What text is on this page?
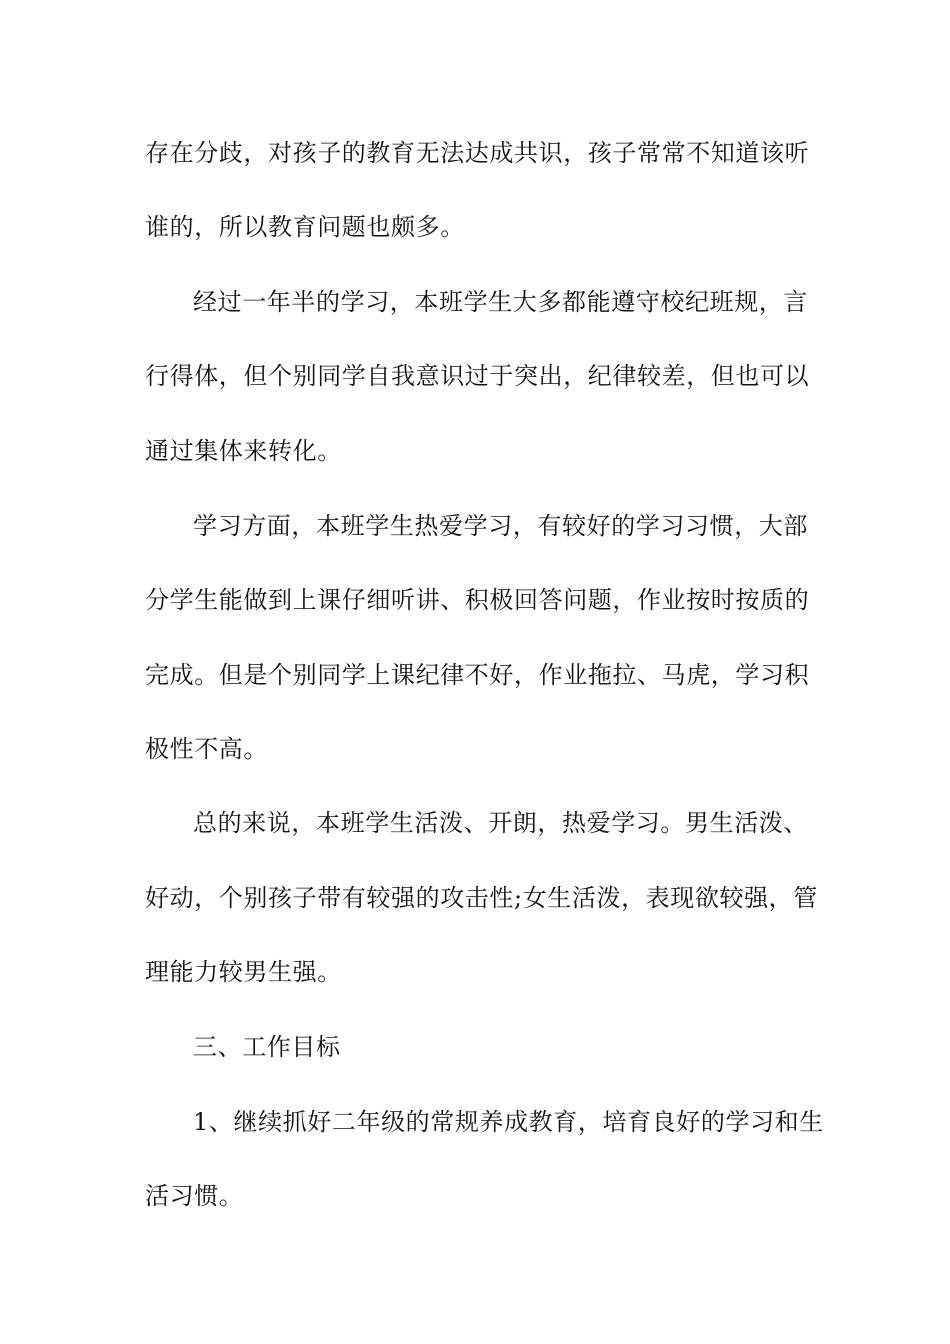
存在分歧，对孩子的教育无法达成共识，孩子常常不知道该听
谁的，所以教育问题也颇多。
经过一年半的学习，本班学生大多都能遵守校纪班规，言
行得体，但个别同学自我意识过于突出，纪律较差，但也可以
通过集体来转化。
学习方面，本班学生热爱学习，有较好的学习习惯，大部
分学生能做到上课仔细听讲、积极回答问题，作业按时按质的
完成。但是个别同学上课纪律不好，作业拖拉、马虎，学习积
极性不高。
总的来说，本班学生活泼、开朗，热爱学习。男生活泼、
好动，个别孩子带有较强的攻击性;女生活泼，表现欲较强，管
理能力较男生强。
三、工作目标
1、继续抓好二年级的常规养成教育，培育良好的学习和生
活习惯。
